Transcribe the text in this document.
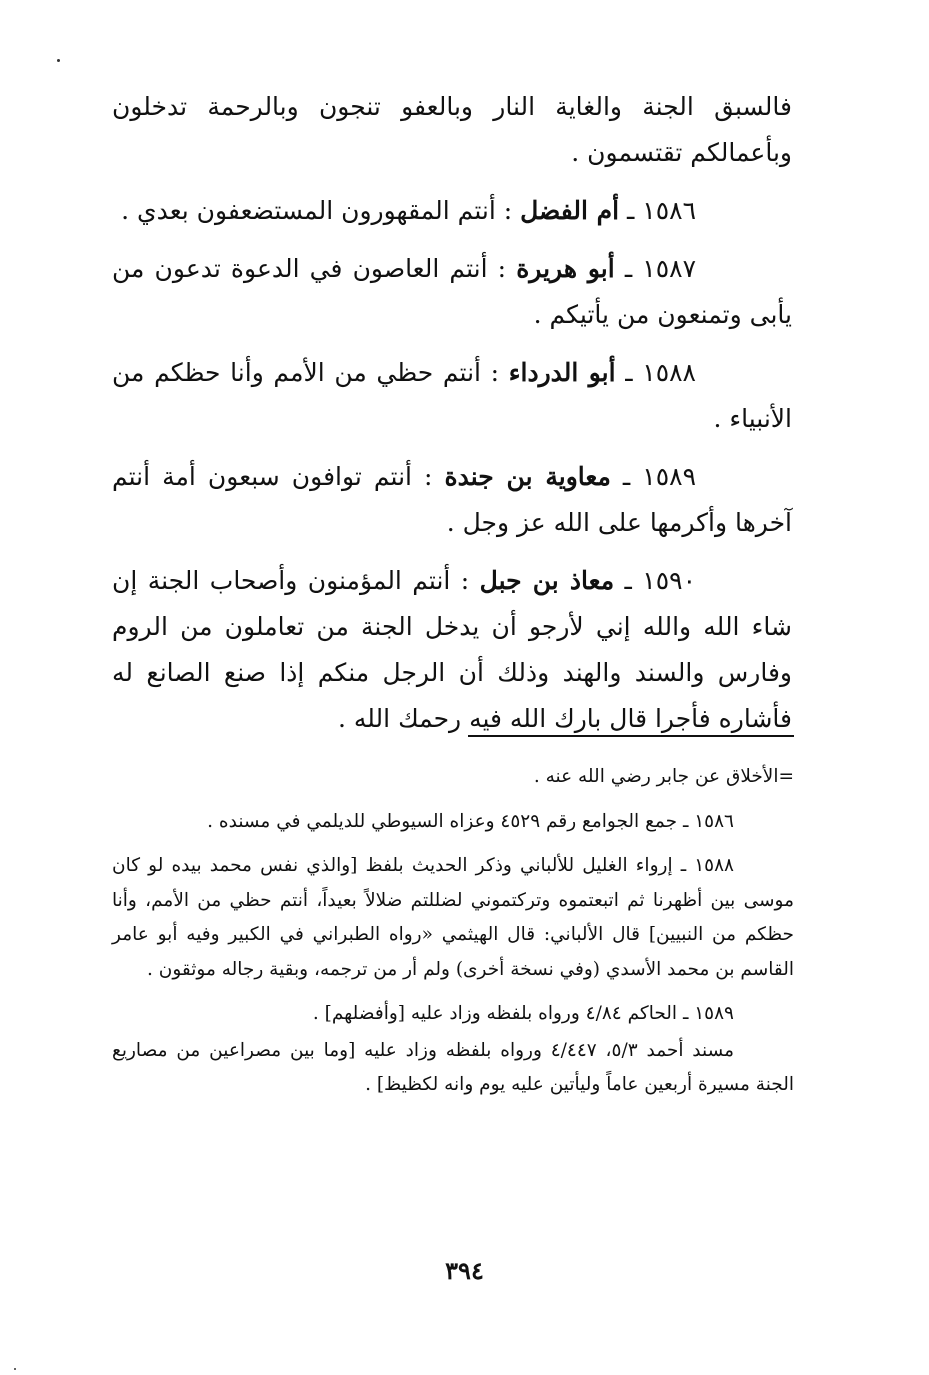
فالسبق الجنة والغاية النار وبالعفو تنجون وبالرحمة تدخلون وبأعمالكم تقتسمون .

١٥٨٦ ـ أم الفضل : أنتم المقهورون المستضعفون بعدي .

١٥٨٧ ـ أبو هريرة : أنتم العاصون في الدعوة تدعون من يأبى وتمنعون من يأتيكم .

١٥٨٨ ـ أبو الدرداء : أنتم حظي من الأمم وأنا حظكم من الأنبياء .

١٥٨٩ ـ معاوية بن جندة : أنتم توافون سبعون أمة أنتم آخرها وأكرمها على الله عز وجل .

١٥٩٠ ـ معاذ بن جبل : أنتم المؤمنون وأصحاب الجنة إن شاء الله والله إني لأرجو أن يدخل الجنة من تعاملون من الروم وفارس والسند والهند وذلك أن الرجل منكم إذا صنع الصانع له فأشاره فأجرا قال بارك الله فيه رحمك الله .

=الأخلاق عن جابر رضي الله عنه .

١٥٨٦ ـ جمع الجوامع رقم ٤٥٢٩ وعزاه السيوطي للديلمي في مسنده .

١٥٨٨ ـ إرواء الغليل للألباني وذكر الحديث بلفظ [والذي نفس محمد بيده لو كان موسى بين أظهرنا ثم اتبعتموه وتركتموني لضللتم ضلالاً بعيداً، أنتم حظي من الأمم، وأنا حظكم من النبيين] قال الألباني: قال الهيثمي «رواه الطبراني في الكبير وفيه أبو عامر القاسم بن محمد الأسدي (وفي نسخة أخرى) ولم أر من ترجمه، وبقية رجاله موثقون .

١٥٨٩ ـ الحاكم ٤/٨٤ ورواه بلفظه وزاد عليه [وأفضلهم] .

مسند أحمد ٥/٣، ٤/٤٤٧ ورواه بلفظه وزاد عليه [وما بين مصراعين من مصاريع الجنة مسيرة أربعين عاماً وليأتين عليه يوم وانه لكظيظ] .

٣٩٤
